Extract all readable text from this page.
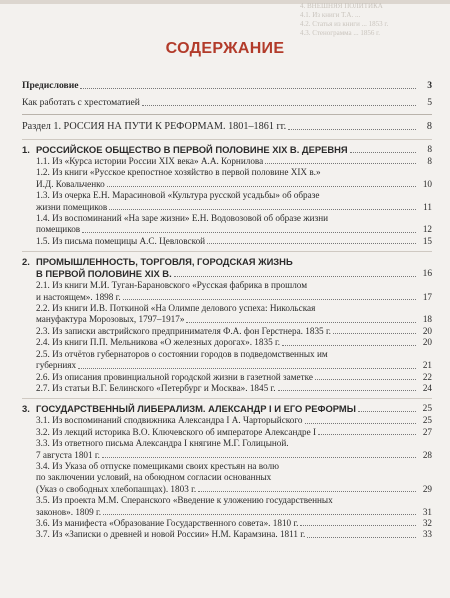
4. ВНЕШНЯЯ ПОЛИТИКА
4.1. Из книги Т.А. ...
4.2. Статья из книги ... 1853 г.
4.3. Стенограмма ... 1856 г.
СОДЕРЖАНИЕ
Предисловие	3
Как работать с хрестоматией	5
Раздел 1. РОССИЯ НА ПУТИ К РЕФОРМАМ. 1801–1861 гг.	8
1. РОССИЙСКОЕ ОБЩЕСТВО В ПЕРВОЙ ПОЛОВИНЕ XIX В. ДЕРЕВНЯ	8
1.1. Из «Курса истории России XIX века» А.А. Корнилова	8
1.2. Из книги «Русское крепостное хозяйство в первой половине XIX в.»
И.Д. Ковальченко	10
1.3. Из очерка Е.Н. Марасиновой «Культура русской усадьбы» об образе
жизни помещиков	11
1.4. Из воспоминаний «На заре жизни» Е.Н. Водовозовой об образе жизни
помещиков	12
1.5. Из письма помещицы А.С. Цевловской	15
2. ПРОМЫШЛЕННОСТЬ, ТОРГОВЛЯ, ГОРОДСКАЯ ЖИЗНЬ
В ПЕРВОЙ ПОЛОВИНЕ XIX В.	16
2.1. Из книги М.И. Туган-Барановского «Русская фабрика в прошлом
и настоящем». 1898 г.	17
2.2. Из книги И.В. Поткиной «На Олимпе делового успеха: Никольская
мануфактура Морозовых, 1797–1917»	18
2.3. Из записки австрийского предпринимателя Ф.А. фон Герстнера. 1835 г.	20
2.4. Из книги П.П. Мельникова «О железных дорогах». 1835 г.	20
2.5. Из отчётов губернаторов о состоянии городов в подведомственных им
губерниях	21
2.6. Из описания провинциальной городской жизни в газетной заметке	22
2.7. Из статьи В.Г. Белинского «Петербург и Москва». 1845 г.	24
3. ГОСУДАРСТВЕННЫЙ ЛИБЕРАЛИЗМ. АЛЕКСАНДР I И ЕГО РЕФОРМЫ	25
3.1. Из воспоминаний сподвижника Александра I А. Чарторыйского	25
3.2. Из лекций историка В.О. Ключевского об императоре Александре I	27
3.3. Из ответного письма Александра I княгине М.Г. Голицыной.
7 августа 1801 г.	28
3.4. Из Указа об отпуске помещиками своих крестьян на волю
по заключении условий, на обоюдном согласии основанных
(Указ о свободных хлебопашцах). 1803 г.	29
3.5. Из проекта М.М. Сперанского «Введение к уложению государственных
законов». 1809 г.	31
3.6. Из манифеста «Образование Государственного совета». 1810 г.	32
3.7. Из «Записки о древней и новой России» Н.М. Карамзина. 1811 г.	33
